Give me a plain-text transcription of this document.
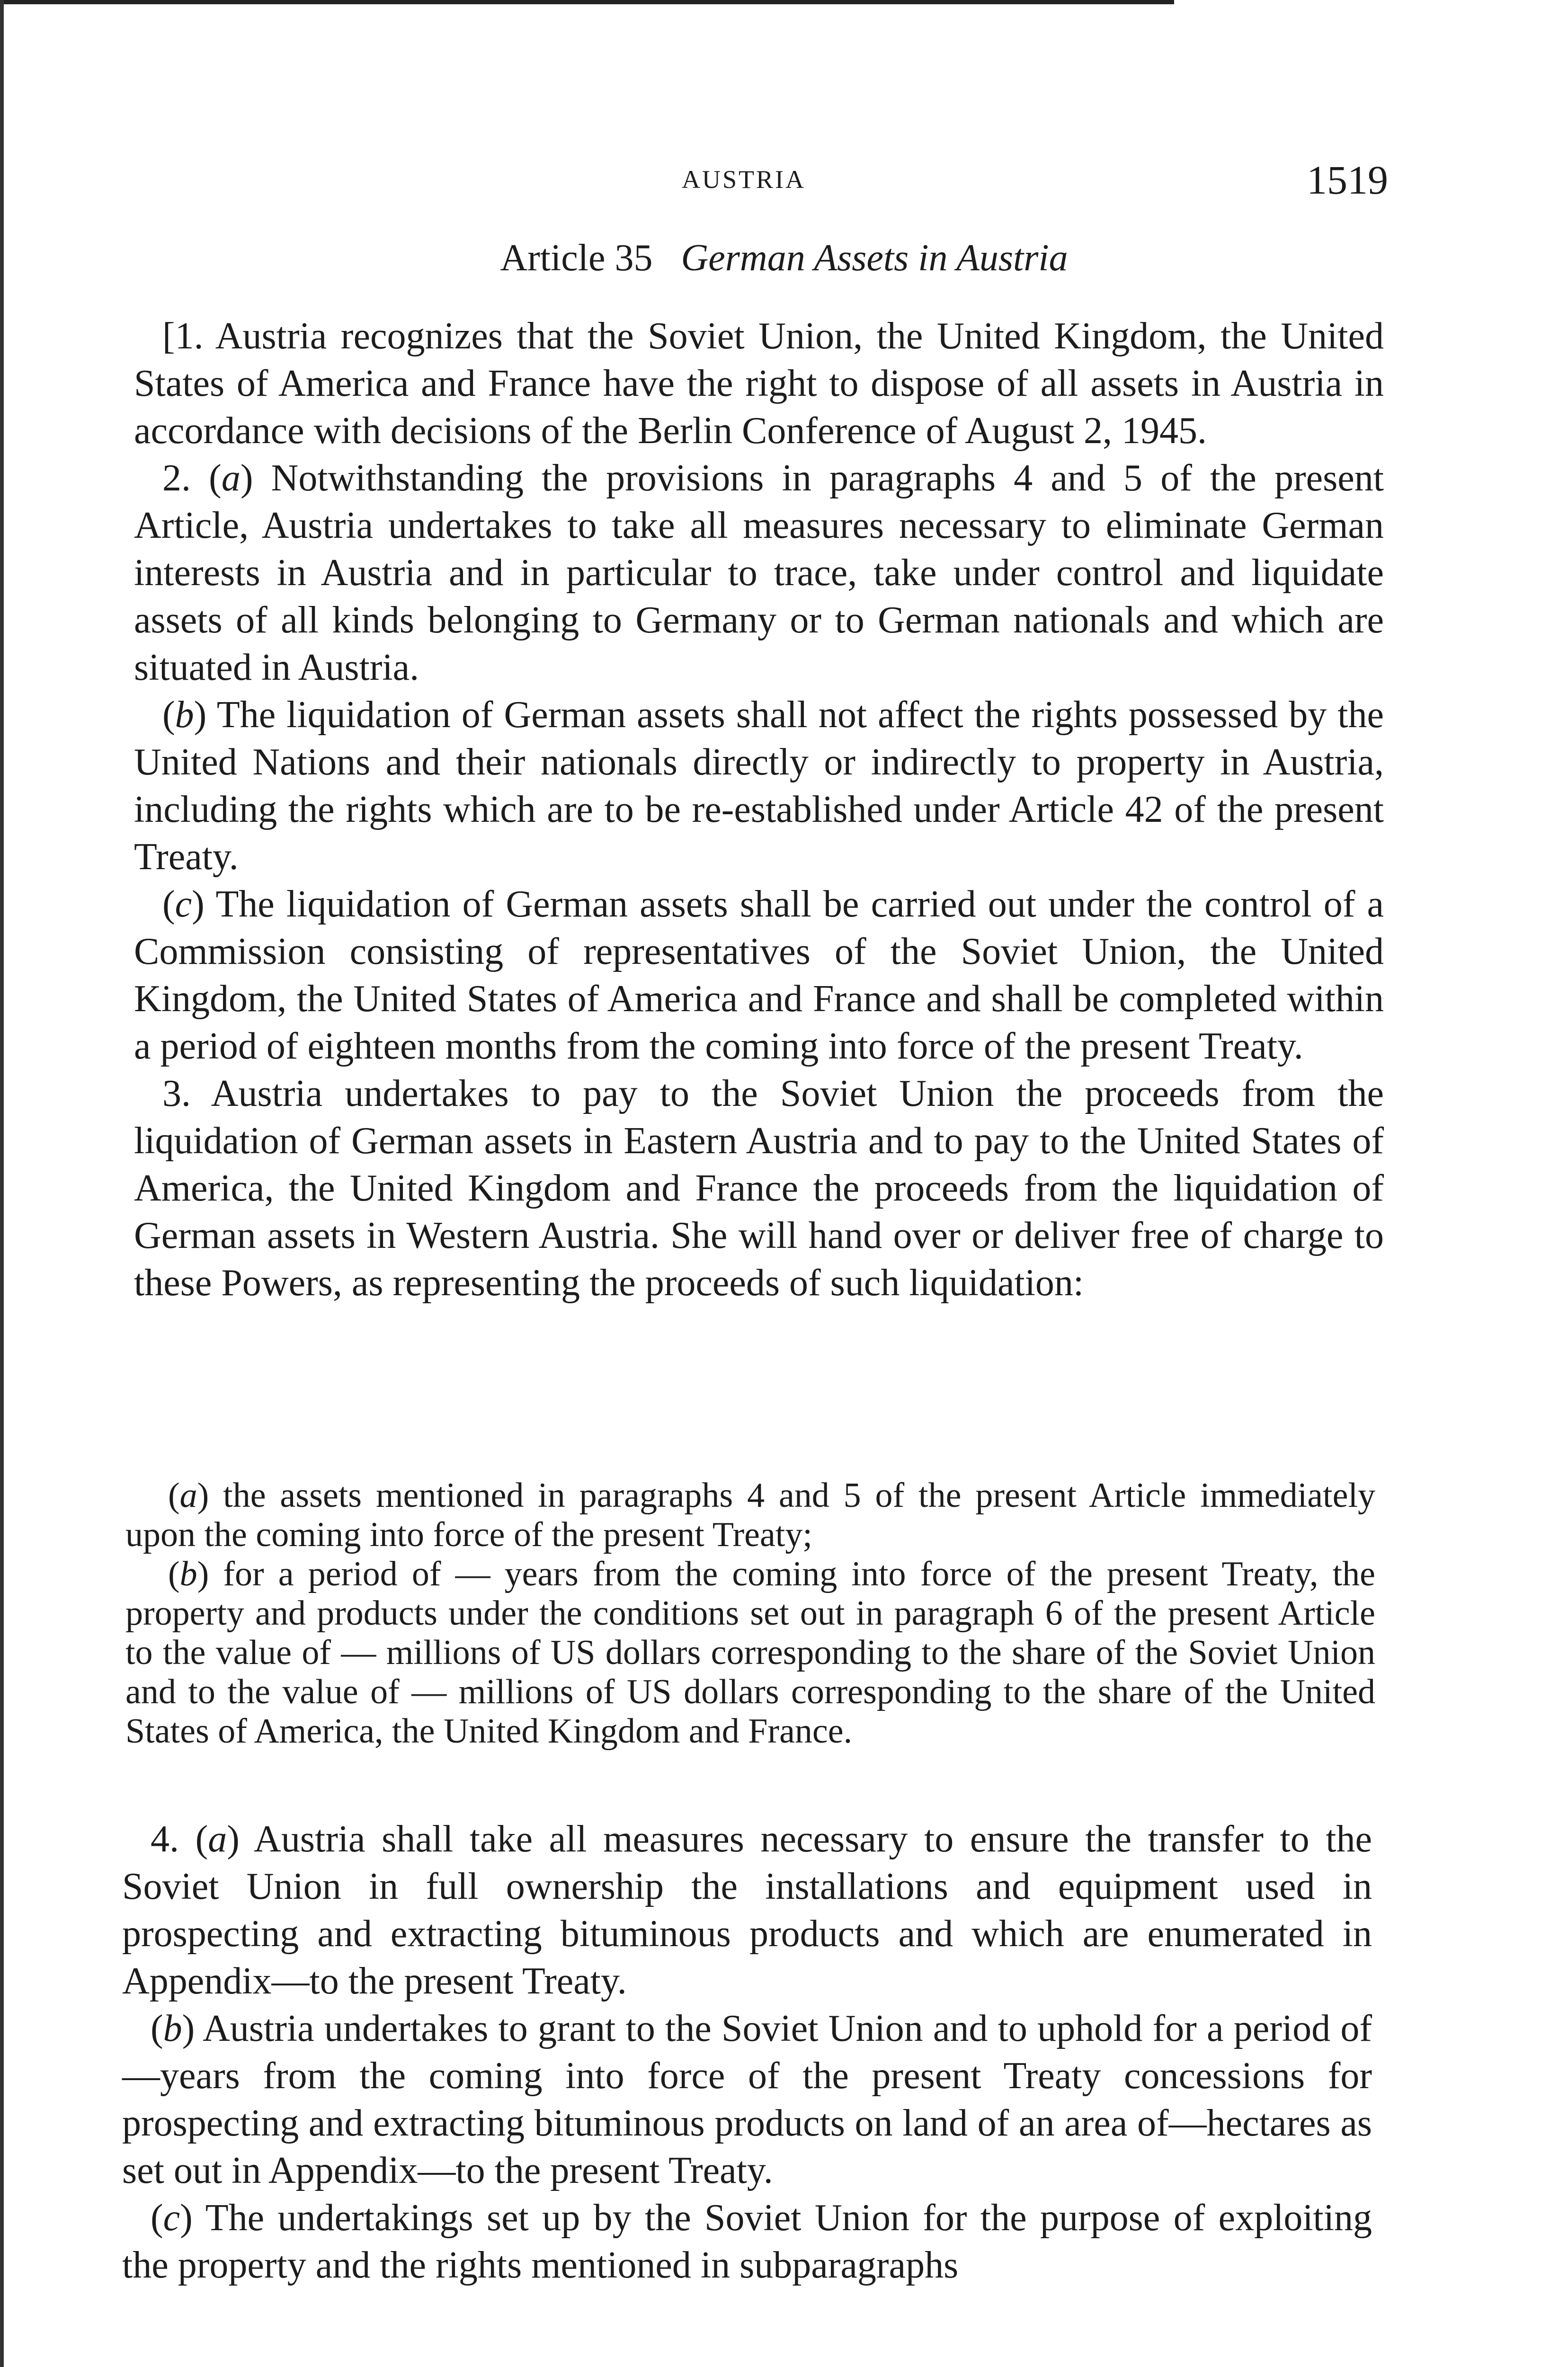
AUSTRIA	1519
Article 35 German Assets in Austria

[1. Austria recognizes that the Soviet Union, the United Kingdom, the United States of America and France have the right to dispose of all assets in Austria in accordance with decisions of the Berlin Conference of August 2, 1945.

2. (a) Notwithstanding the provisions in paragraphs 4 and 5 of the present Article, Austria undertakes to take all measures necessary to eliminate German interests in Austria and in particular to trace, take under control and liquidate assets of all kinds belonging to Germany or to German nationals and which are situated in Austria.

(b) The liquidation of German assets shall not affect the rights possessed by the United Nations and their nationals directly or indirectly to property in Austria, including the rights which are to be re-established under Article 42 of the present Treaty.

(c) The liquidation of German assets shall be carried out under the control of a Commission consisting of representatives of the Soviet Union, the United Kingdom, the United States of America and France and shall be completed within a period of eighteen months from the coming into force of the present Treaty.

3. Austria undertakes to pay to the Soviet Union the proceeds from the liquidation of German assets in Eastern Austria and to pay to the United States of America, the United Kingdom and France the proceeds from the liquidation of German assets in Western Austria. She will hand over or deliver free of charge to these Powers, as representing the proceeds of such liquidation:

(a) the assets mentioned in paragraphs 4 and 5 of the present Article immediately upon the coming into force of the present Treaty;

(b) for a period of — years from the coming into force of the present Treaty, the property and products under the conditions set out in paragraph 6 of the present Article to the value of — millions of US dollars corresponding to the share of the Soviet Union and to the value of — millions of US dollars corresponding to the share of the United States of America, the United Kingdom and France.

4. (a) Austria shall take all measures necessary to ensure the transfer to the Soviet Union in full ownership the installations and equipment used in prospecting and extracting bituminous products and which are enumerated in Appendix—to the present Treaty.

(b) Austria undertakes to grant to the Soviet Union and to uphold for a period of—years from the coming into force of the present Treaty concessions for prospecting and extracting bituminous products on land of an area of—hectares as set out in Appendix—to the present Treaty.

(c) The undertakings set up by the Soviet Union for the purpose of exploiting the property and the rights mentioned in subparagraphs
